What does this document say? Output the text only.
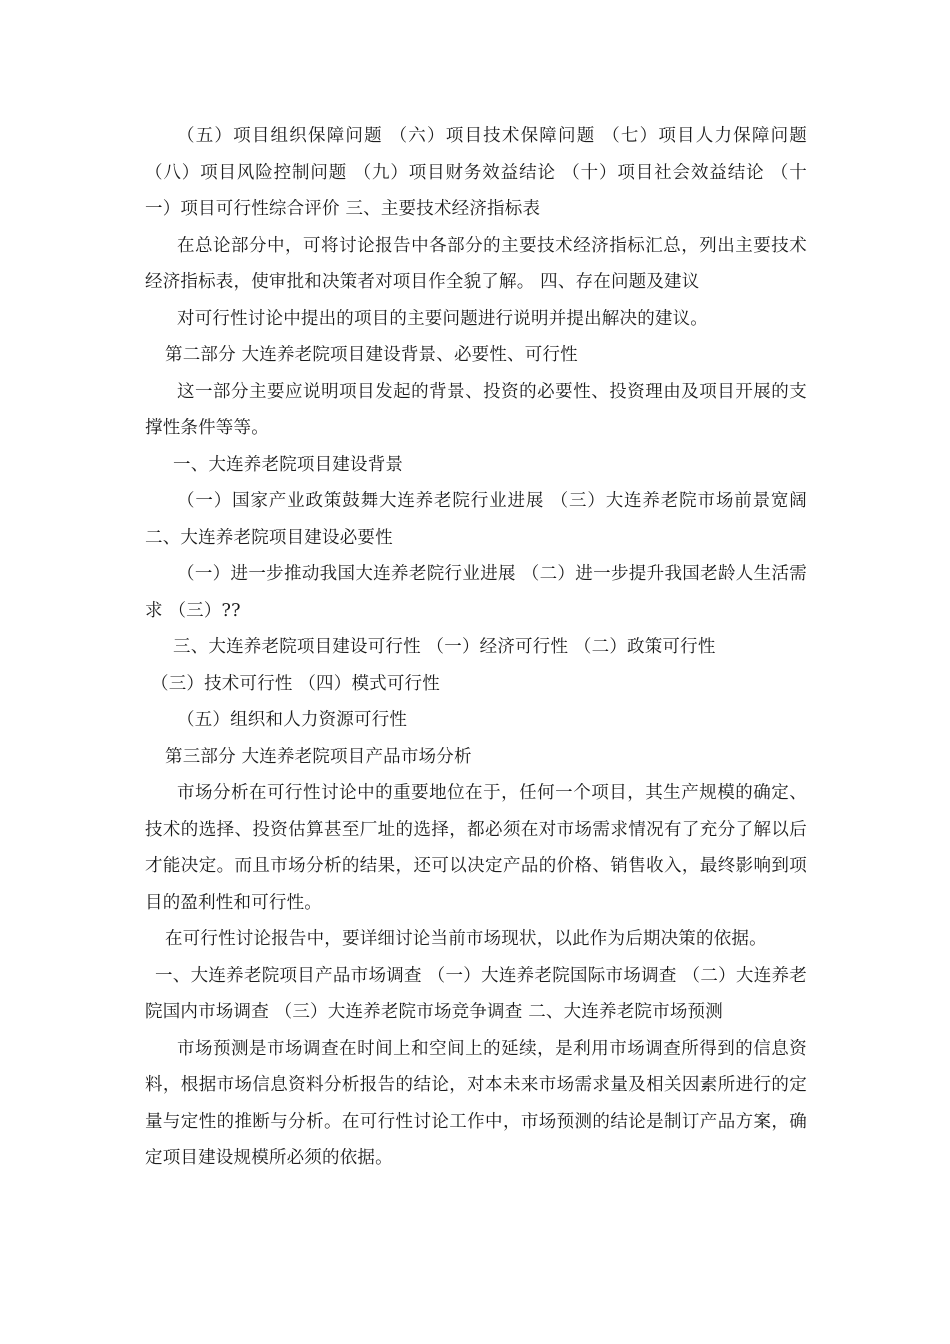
（五）项目组织保障问题 （六）项目技术保障问题 （七）项目人力保障问题 （八）项目风险控制问题 （九）项目财务效益结论 （十）项目社会效益结论 （十一）项目可行性综合评价 三、主要技术经济指标表

在总论部分中，可将讨论报告中各部分的主要技术经济指标汇总，列出主要技术经济指标表，使审批和决策者对项目作全貌了解。 四、存在问题及建议

对可行性讨论中提出的项目的主要问题进行说明并提出解决的建议。

第二部分 大连养老院项目建设背景、必要性、可行性

这一部分主要应说明项目发起的背景、投资的必要性、投资理由及项目开展的支撑性条件等等。

一、大连养老院项目建设背景

（一）国家产业政策鼓舞大连养老院行业进展 （三）大连养老院市场前景宽阔 二、大连养老院项目建设必要性

（一）进一步推动我国大连养老院行业进展 （二）进一步提升我国老龄人生活需求 （三）??

三、大连养老院项目建设可行性 （一）经济可行性 （二）政策可行性

（三）技术可行性 （四）模式可行性

（五）组织和人力资源可行性

第三部分 大连养老院项目产品市场分析

市场分析在可行性讨论中的重要地位在于，任何一个项目，其生产规模的确定、技术的选择、投资估算甚至厂址的选择，都必须在对市场需求情况有了充分了解以后才能决定。而且市场分析的结果，还可以决定产品的价格、销售收入，最终影响到项目的盈利性和可行性。

在可行性讨论报告中，要详细讨论当前市场现状，以此作为后期决策的依据。

一、大连养老院项目产品市场调查 （一）大连养老院国际市场调查 （二）大连养老院国内市场调查 （三）大连养老院市场竞争调查 二、大连养老院市场预测

市场预测是市场调查在时间上和空间上的延续，是利用市场调查所得到的信息资料，根据市场信息资料分析报告的结论，对本未来市场需求量及相关因素所进行的定量与定性的推断与分析。在可行性讨论工作中，市场预测的结论是制订产品方案，确定项目建设规模所必须的依据。
